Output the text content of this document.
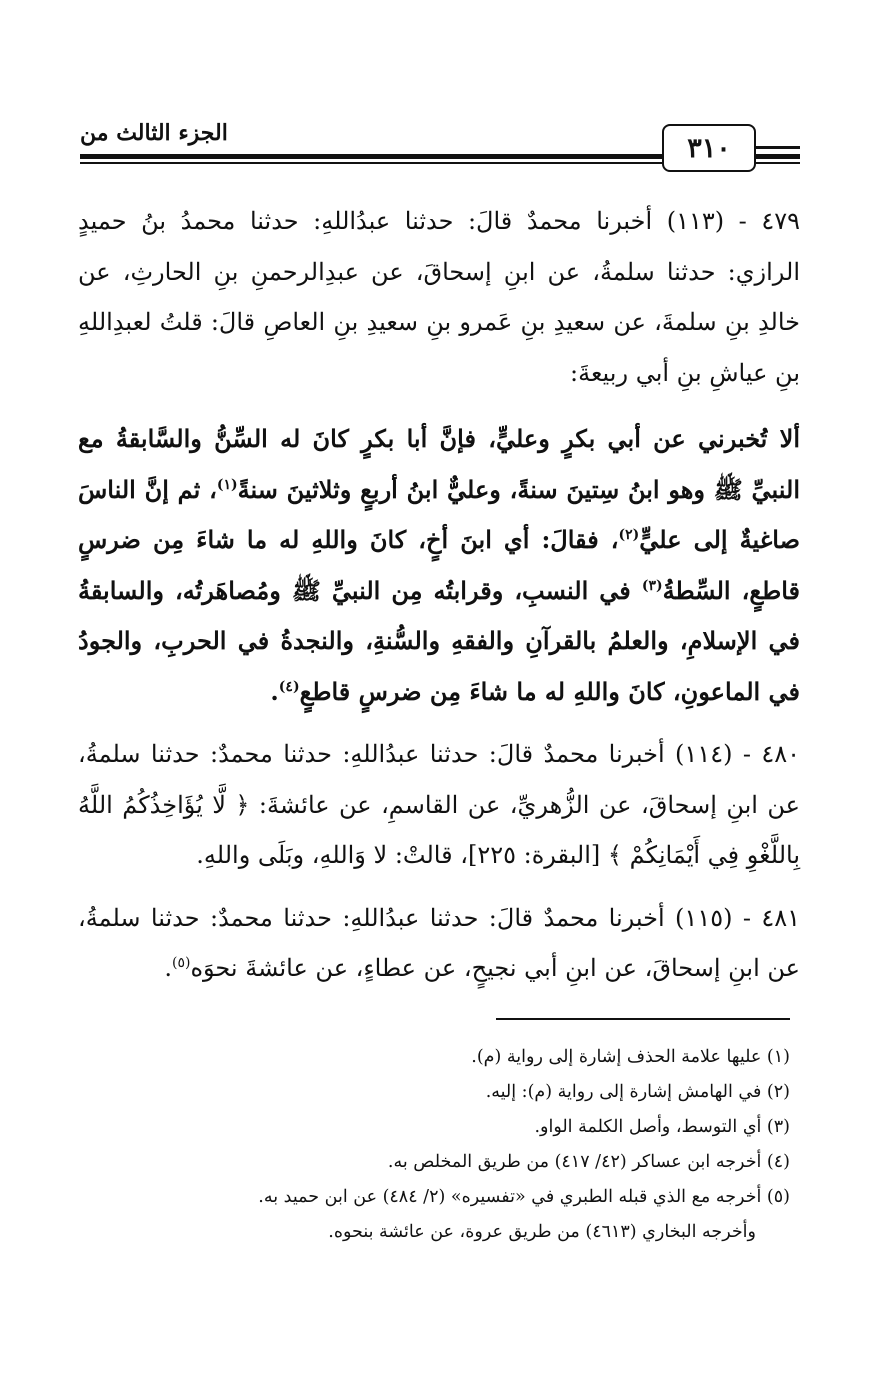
٣١٠
الجزء الثالث من

٤٧٩ - (١١٣) أخبرنا محمدٌ قالَ: حدثنا عبدُاللهِ: حدثنا محمدُ بنُ حميدٍ الرازي: حدثنا سلمةُ، عن ابنِ إسحاقَ، عن عبدِالرحمنِ بنِ الحارثِ، عن خالدِ بنِ سلمةَ، عن سعيدِ بنِ عَمرو بنِ سعيدِ بنِ العاصِ قالَ: قلتُ لعبدِاللهِ بنِ عياشِ بنِ أبي ربيعةَ:

ألا تُخبرني عن أبي بكرٍ وعليٍّ، فإنَّ أبا بكرٍ كانَ له السِّنُّ والسَّابقةُ مع النبيِّ ﷺ وهو ابنُ سِتينَ سنةً، وعليٌّ ابنُ أربعٍ وثلاثينَ سنةً$^{(١)}$، ثم إنَّ الناسَ صاغيةٌ إلى عليٍّ$^{(٢)}$، فقالَ: أي ابنَ أخٍ، كانَ واللهِ له ما شاءَ مِن ضرسٍ قاطعٍ، السِّطةُ$^{(٣)}$ في النسبِ، وقرابتُه مِن النبيِّ ﷺ ومُصاهَرتُه، والسابقةُ في الإسلامِ، والعلمُ بالقرآنِ والفقهِ والسُّنةِ، والنجدةُ في الحربِ، والجودُ في الماعونِ، كانَ واللهِ له ما شاءَ مِن ضرسٍ قاطعٍ$^{(٤)}$.

٤٨٠ - (١١٤) أخبرنا محمدٌ قالَ: حدثنا عبدُاللهِ: حدثنا محمدٌ: حدثنا سلمةُ، عن ابنِ إسحاقَ، عن الزُّهريِّ، عن القاسمِ، عن عائشةَ: ﴿ لَّا يُؤَاخِذُكُمُ اللَّهُ بِاللَّغْوِ فِي أَيْمَانِكُمْ ﴾ [البقرة: ٢٢٥]، قالتْ: لا وَاللهِ، وبَلَى واللهِ.

٤٨١ - (١١٥) أخبرنا محمدٌ قالَ: حدثنا عبدُاللهِ: حدثنا محمدٌ: حدثنا سلمةُ، عن ابنِ إسحاقَ، عن ابنِ أبي نجيحٍ، عن عطاءٍ، عن عائشةَ نحوَه$^{(٥)}$.

(١) عليها علامة الحذف إشارة إلى رواية (م).

(٢) في الهامش إشارة إلى رواية (م): إليه.

(٣) أي التوسط، وأصل الكلمة الواو.

(٤) أخرجه ابن عساكر (٤٢/ ٤١٧) من طريق المخلص به.

(٥) أخرجه مع الذي قبله الطبري في «تفسيره» (٢/ ٤٨٤) عن ابن حميد به.

وأخرجه البخاري (٤٦١٣) من طريق عروة، عن عائشة بنحوه.
